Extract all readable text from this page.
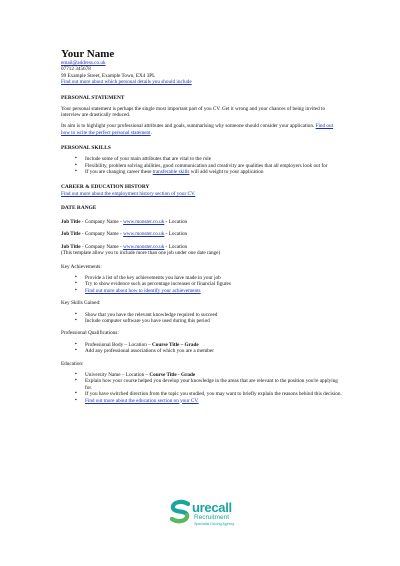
Your Name

email@address.co.uk

07712 345678

99 Example Street, Example Town, EX4 3PL

Find out more about which personal details you should include

PERSONAL STATEMENT

Your personal statement is perhaps the single most important part of you CV. Get it wrong and your chances of being invited to interview are drastically reduced.

Its aim is to highlight your professional attributes and goals, summarising why someone should consider your application. Find out how to write the perfect personal statement.

PERSONAL SKILLS

▪ Include some of your main attributes that are vital to the role
▪ Flexibility, problem solving abilities, good communication and creativity are qualities that all employers look out for
▪ If you are changing career these transferable skills will add weight to your application

CAREER & EDUCATION HISTORY

Find out more about the employment history section of your CV.

DATE RANGE

Job Title - Company Name - www.monster.co.uk - Location

Job Title - Company Name - www.monster.co.uk - Location

Job Title - Company Name - www.monster.co.uk - Location

(This template allow you to include more than one job under one date range)

Key Achievements:

▪ Provide a list of the key achievements you have made in your job
▪ Try to show evidence such as percentage increases or financial figures
▪ Find out more about how to identify your achievements

Key Skills Gained:

▪ Show that you have the relevant knowledge required to succeed
▪ Include computer software you have used during this period

Professional Qualifications:

▪ Professional Body – Location – Course Title – Grade
▪ Add any professional associations of which you are a member

Education:

▪ University Name – Location – Course Title - Grade
▪ Explain how your course helped you develop your knowledge in the areas that are relevant to the position you're applying for.
▪ If you have switched direction from the topic you studied, you may want to briefly explain the reasons behind this decision.
▪ Find out more about the education section on your CV.
urecall
Recruitment
Specialist Driving Agency
